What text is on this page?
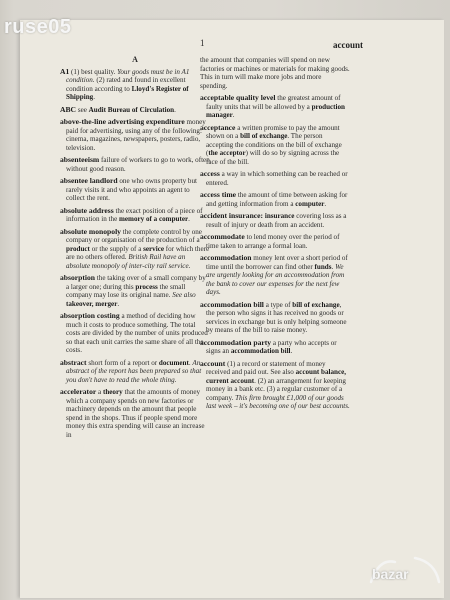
ruse05
1	account
A
A1 (1) best quality. Your goods must be in A1 condition. (2) rated and found in excellent condition according to Lloyd's Register of Shipping.
ABC see Audit Bureau of Circulation.
above-the-line advertising expenditure money paid for advertising, using any of the following: cinema, magazines, newspapers, posters, radio, television.
absenteeism failure of workers to go to work, often without good reason.
absentee landlord one who owns property but rarely visits it and who appoints an agent to collect the rent.
absolute address the exact position of a piece of information in the memory of a computer.
absolute monopoly the complete control by one company or organisation of the production of a product or the supply of a service for which there are no others offered. British Rail have an absolute monopoly of inter-city rail service.
absorption the taking over of a small company by a larger one; during this process the small company may lose its original name. See also takeover, merger.
absorption costing a method of deciding how much it costs to produce something. The total costs are divided by the number of units produced so that each unit carries the same share of all the costs.
abstract short form of a report or document. An abstract of the report has been prepared so that you don't have to read the whole thing.
accelerator a theory that the amounts of money which a company spends on new factories or machinery depends on the amount that people spend in the shops. Thus if people spend more money this extra spending will cause an increase in
the amount that companies will spend on new factories or machines or materials for making goods. This in turn will make more jobs and more spending.
acceptable quality level the greatest amount of faulty units that will be allowed by a production manager.
acceptance a written promise to pay the amount shown on a bill of exchange. The person accepting the conditions on the bill of exchange (the acceptor) will do so by signing across the face of the bill.
access a way in which something can be reached or entered.
access time the amount of time between asking for and getting information from a computer.
accident insurance: insurance covering loss as a result of injury or death from an accident.
accommodate to lend money over the period of time taken to arrange a formal loan.
accommodation money lent over a short period of time until the borrower can find other funds. We are urgently looking for an accommodation from the bank to cover our expenses for the next few days.
accommodation bill a type of bill of exchange, the person who signs it has received no goods or services in exchange but is only helping someone by means of the bill to raise money.
accommodation party a party who accepts or signs an accommodation bill.
account (1) a record or statement of money received and paid out. See also account balance, current account. (2) an arrangement for keeping money in a bank etc. (3) a regular customer of a company. This firm brought £1,000 of our goods last week – it's becoming one of our best accounts.
bazar
